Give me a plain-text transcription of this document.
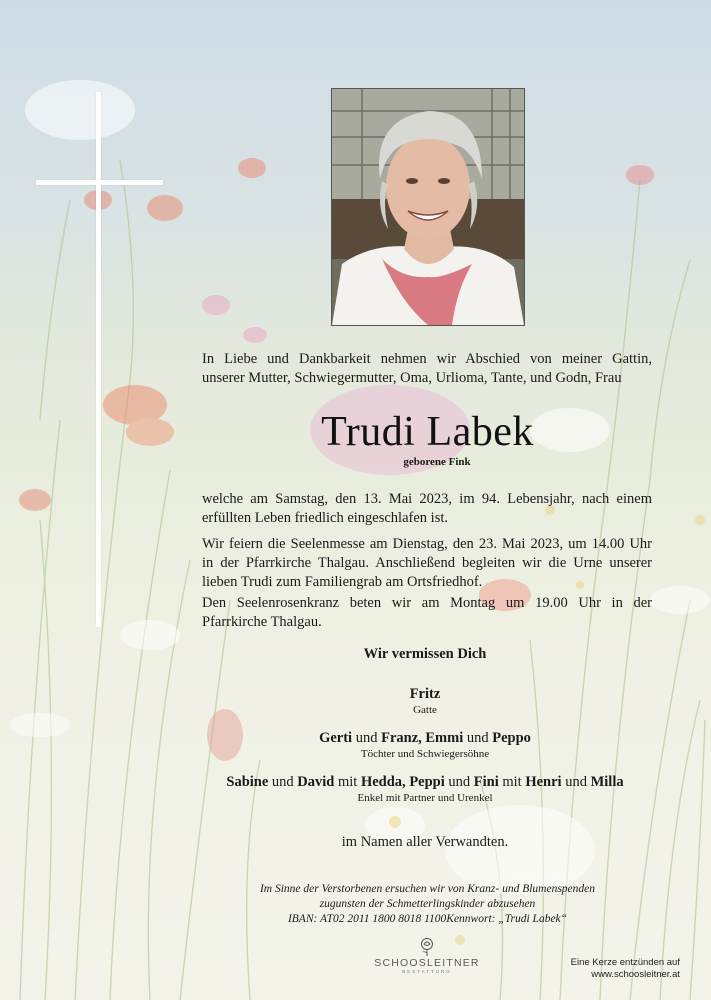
In Liebe und Dankbarkeit nehmen wir Abschied von meiner Gattin,

unserer Mutter, Schwiegermutter, Oma, Urlioma, Tante, und Godn, Frau

Trudi Labek
geborene Fink
welche am Samstag, den 13. Mai 2023, im 94. Lebensjahr, nach einem
erfüllten Leben friedlich eingeschlafen ist.
Wir feiern die Seelenmesse am Dienstag, den 23. Mai 2023, um 14.00 Uhr
in der Pfarrkirche Thalgau. Anschließend begleiten wir die Urne unserer
lieben Trudi zum Familiengrab am Ortsfriedhof.
Den Seelenrosenkranz beten wir am Montag um 19.00 Uhr in der
Pfarrkirche Thalgau.
Wir vermissen Dich
Fritz
Gatte
Gerti und Franz, Emmi und Peppo
Töchter und Schwiegersöhne
Sabine und David mit Hedda, Peppi und Fini mit Henri und Milla
Enkel mit Partner und Urenkel
im Namen aller Verwandten.
Im Sinne der Verstorbenen ersuchen wir von Kranz- und Blumenspenden
zugunsten der Schmetterlingskinder abzusehen
IBAN: AT02 2011 1800 8018 1100Kennwort: „Trudi Labek“
SCHOOSLEITNER
BESTATTUNG
Eine Kerze entzünden auf
www.schoosleitner.at
